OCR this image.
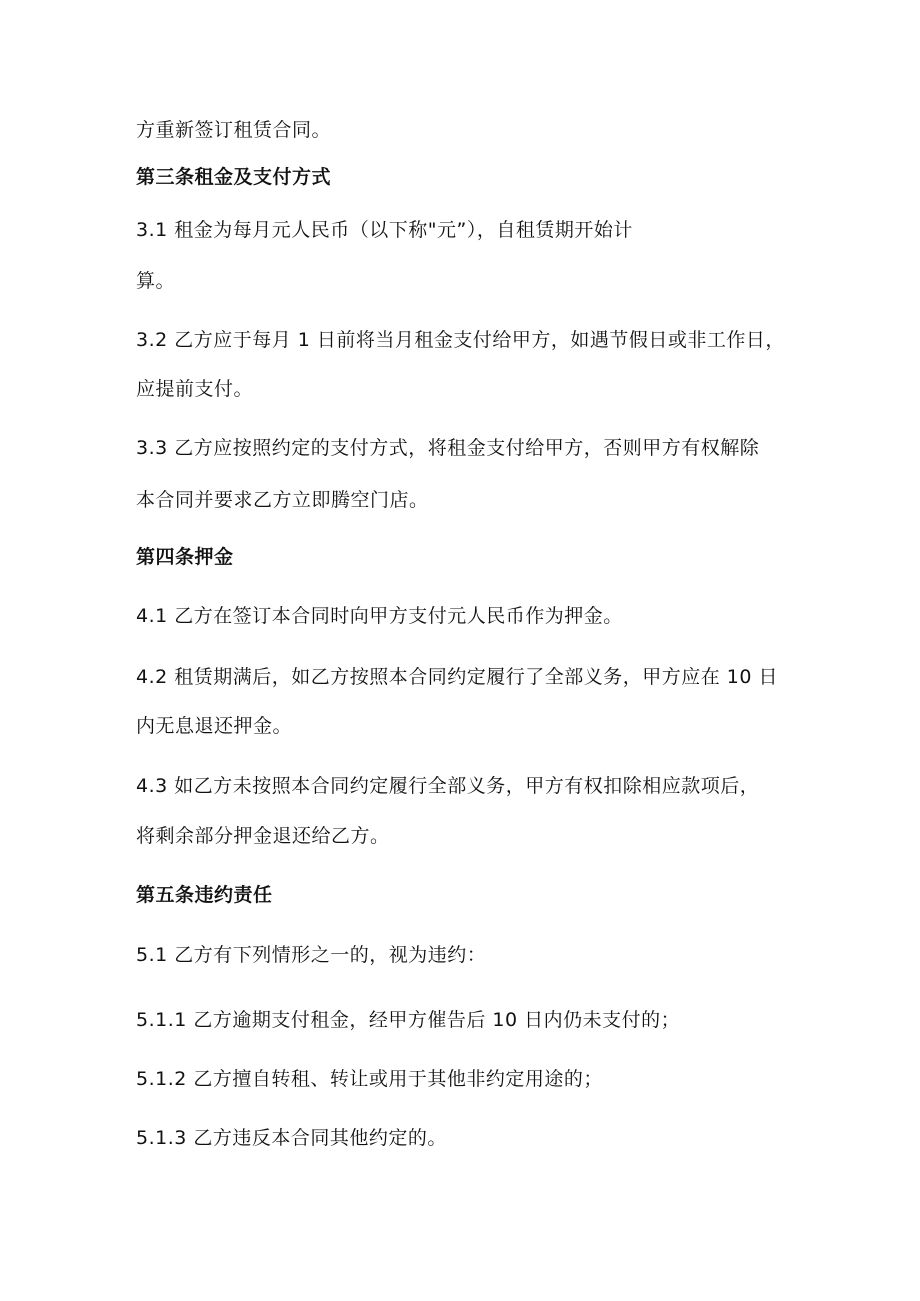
方重新签订租赁合同。
第三条租金及支付方式
3.1 租金为每月元人民币（以下称"元”），自租赁期开始计
算。
3.2 乙方应于每月 1 日前将当月租金支付给甲方，如遇节假日或非工作日，
应提前支付。
3.3 乙方应按照约定的支付方式，将租金支付给甲方，否则甲方有权解除
本合同并要求乙方立即腾空门店。
第四条押金
4.1 乙方在签订本合同时向甲方支付元人民币作为押金。
4.2 租赁期满后，如乙方按照本合同约定履行了全部义务，甲方应在 10 日
内无息退还押金。
4.3 如乙方未按照本合同约定履行全部义务，甲方有权扣除相应款项后，
将剩余部分押金退还给乙方。
第五条违约责任
5.1 乙方有下列情形之一的，视为违约：
5.1.1 乙方逾期支付租金，经甲方催告后 10 日内仍未支付的；
5.1.2 乙方擅自转租、转让或用于其他非约定用途的；
5.1.3 乙方违反本合同其他约定的。
